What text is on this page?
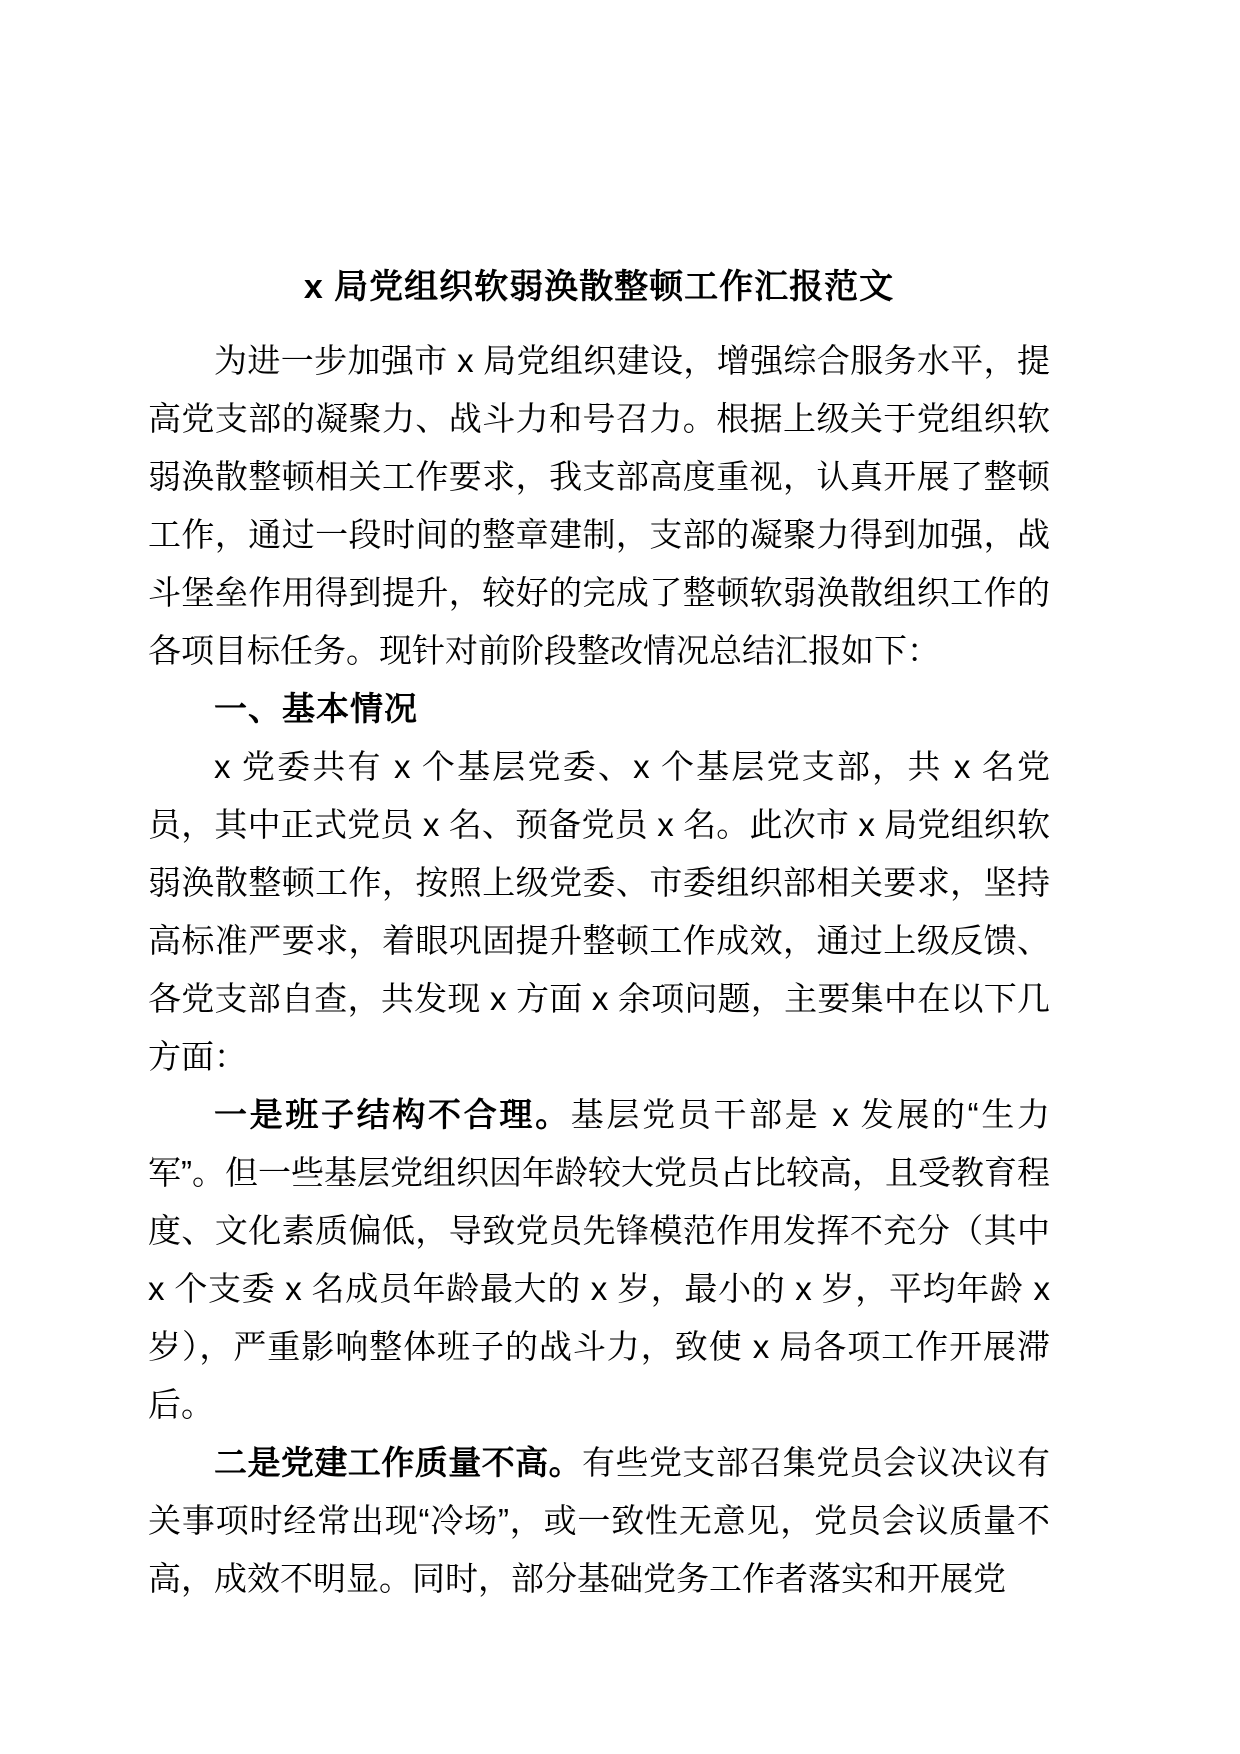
x 局党组织软弱涣散整顿工作汇报范文

为进一步加强市 x 局党组织建设，增强综合服务水平，提高党支部的凝聚力、战斗力和号召力。根据上级关于党组织软弱涣散整顿相关工作要求，我支部高度重视，认真开展了整顿工作，通过一段时间的整章建制，支部的凝聚力得到加强，战斗堡垒作用得到提升，较好的完成了整顿软弱涣散组织工作的各项目标任务。现针对前阶段整改情况总结汇报如下：

一、基本情况

x 党委共有 x 个基层党委、x 个基层党支部，共 x 名党员，其中正式党员 x 名、预备党员 x 名。此次市 x 局党组织软弱涣散整顿工作，按照上级党委、市委组织部相关要求，坚持高标准严要求，着眼巩固提升整顿工作成效，通过上级反馈、各党支部自查，共发现 x 方面 x 余项问题，主要集中在以下几方面：

一是班子结构不合理。基层党员干部是 x 发展的“生力军”。但一些基层党组织因年龄较大党员占比较高，且受教育程度、文化素质偏低，导致党员先锋模范作用发挥不充分（其中 x 个支委 x 名成员年龄最大的 x 岁，最小的 x 岁，平均年龄 x 岁），严重影响整体班子的战斗力，致使 x 局各项工作开展滞后。

二是党建工作质量不高。有些党支部召集党员会议决议有关事项时经常出现“冷场”，或一致性无意见，党员会议质量不高，成效不明显。同时，部分基础党务工作者落实和开展党
